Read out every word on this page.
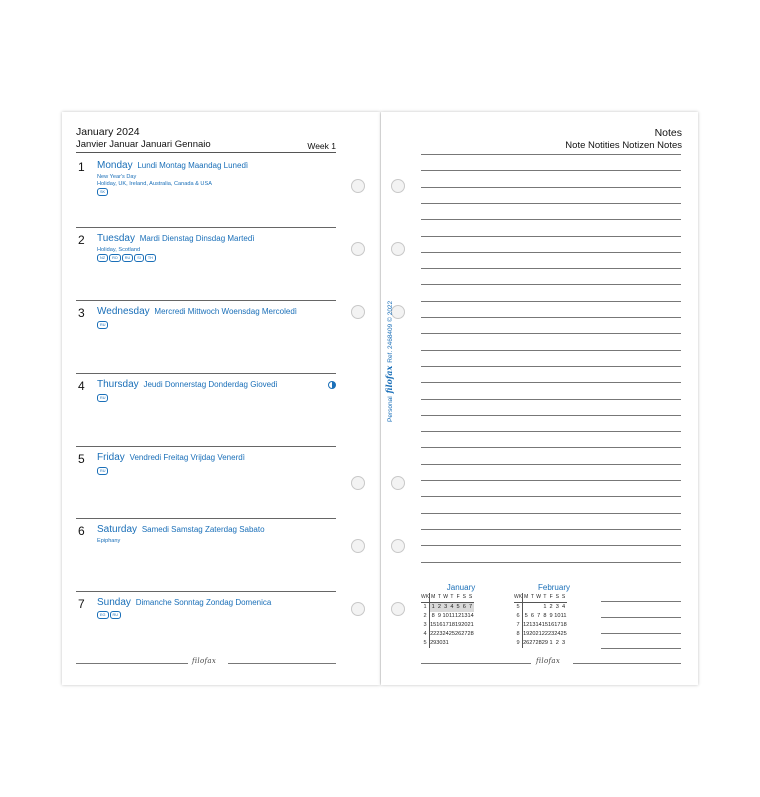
January 2024
Janvier Januar Januari Gennaio	Week 1
1 Monday Lundi Montag Maandag Lunedì
New Year's Day
Holiday, UK, Ireland, Australia, Canada & USA
SK
2 Tuesday Mardi Dienstag Dinsdag Martedì
Holiday, Scotland
NZ RO RU SI TH
3 Wednesday Mercredi Mittwoch Woensdag Mercoledì
RU
4 Thursday Jeudi Donnerstag Donderdag Giovedì
RU
5 Friday Vendredi Freitag Vrijdag Venerdì
RU
6 Saturday Samedi Samstag Zaterdag Sabato
Epiphany
7 Sunday Dimanche Sonntag Zondag Domenica
EG RU
filofax
Notes
Note Notities Notizen Notes
PersonalfilofaxRef. 2468409 © 2022
January
WK	M	T	W	T	F	S	S
1	1	2	3	4	5	6	7
2	8	9	10	11	12	13	14
3	15	16	17	18	19	20	21
4	22	23	24	25	26	27	28
5	29	30	31				
February
WK	M	T	W	T	F	S	S
5				1	2	3	4
6	5	6	7	8	9	10	11
7	12	13	14	15	16	17	18
8	19	20	21	22	23	24	25
9	26	27	28	29	1	2	3
filofax
